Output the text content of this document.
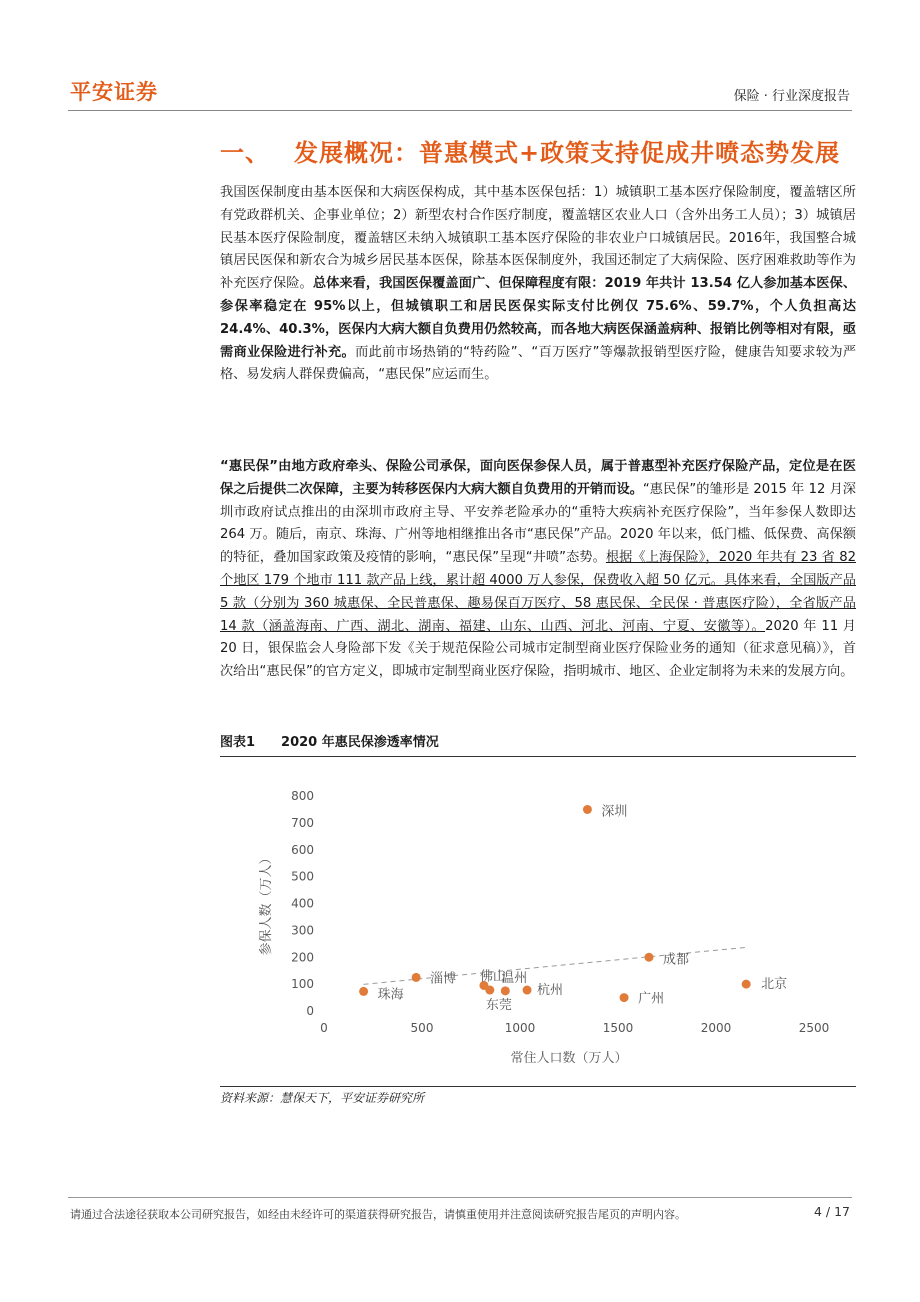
平安证券	保险 · 行业深度报告
一、 发展概况：普惠模式+政策支持促成井喷态势发展
我国医保制度由基本医保和大病医保构成，其中基本医保包括：1）城镇职工基本医疗保险制度，覆盖辖区所有党政群机关、企事业单位；2）新型农村合作医疗制度，覆盖辖区农业人口（含外出务工人员）；3）城镇居民基本医疗保险制度，覆盖辖区未纳入城镇职工基本医疗保险的非农业户口城镇居民。2016年，我国整合城镇居民医保和新农合为城乡居民基本医保，除基本医保制度外，我国还制定了大病保险、医疗困难救助等作为补充医疗保险。总体来看，我国医保覆盖面广、但保障程度有限：2019 年共计 13.54 亿人参加基本医保、参保率稳定在 95%以上，但城镇职工和居民医保实际支付比例仅 75.6%、59.7%，个人负担高达 24.4%、40.3%，医保内大病大额自负费用仍然较高，而各地大病医保涵盖病种、报销比例等相对有限，亟需商业保险进行补充。而此前市场热销的“特药险”、“百万医疗”等爆款报销型医疗险，健康告知要求较为严格、易发病人群保费偏高，“惠民保”应运而生。
“惠民保”由地方政府牵头、保险公司承保，面向医保参保人员，属于普惠型补充医疗保险产品，定位是在医保之后提供二次保障，主要为转移医保内大病大额自负费用的开销而设。“惠民保”的雏形是 2015 年 12 月深圳市政府试点推出的由深圳市政府主导、平安养老险承办的“重特大疾病补充医疗保险”，当年参保人数即达 264 万。随后，南京、珠海、广州等地相继推出各市“惠民保”产品。2020 年以来，低门槛、低保费、高保额的特征，叠加国家政策及疫情的影响，“惠民保”呈现“井喷”态势。根据《上海保险》，2020 年共有 23 省 82 个地区 179 个地市 111 款产品上线，累计超 4000 万人参保，保费收入超 50 亿元。具体来看，全国版产品 5 款（分别为 360 城惠保、全民普惠保、趣易保百万医疗、58 惠民保、全民保 · 普惠医疗险），全省版产品 14 款（涵盖海南、广西、湖北、湖南、福建、山东、山西、河北、河南、宁夏、安徽等）。2020 年 11 月 20 日，银保监会人身险部下发《关于规范保险公司城市定制型商业医疗保险业务的通知（征求意见稿）》，首次给出“惠民保”的官方定义，即城市定制型商业医疗保险，指明城市、地区、企业定制将为未来的发展方向。
图表1 2020 年惠民保渗透率情况
0
100
200
300
400
500
600
700
800
0	500	1000	1500	2000	2500
深圳
成都
北京
淄博 佛山
温州
东莞
杭州
珠海	广州
常住人口数（万人）
参保人数（万人）
资料来源：慧保天下，平安证券研究所
请通过合法途径获取本公司研究报告，如经由未经许可的渠道获得研究报告，请慎重使用并注意阅读研究报告尾页的声明内容。	4 / 17
